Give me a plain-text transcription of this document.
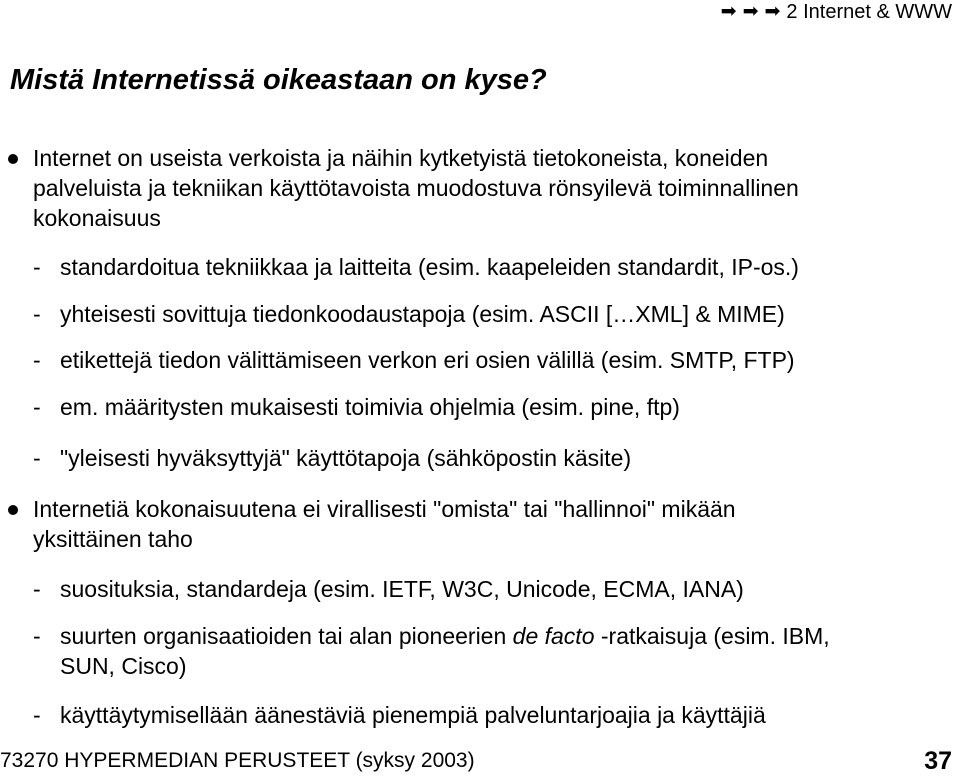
➡ ➡ ➡ 2 Internet & WWW
Mistä Internetissä oikeastaan on kyse?
Internet on useista verkoista ja näihin kytketyistä tietokoneista, koneiden
palveluista ja tekniikan käyttötavoista muodostuva rönsyilevä toiminnallinen
kokonaisuus
- standardoitua tekniikkaa ja laitteita (esim. kaapeleiden standardit, IP-os.)
- yhteisesti sovittuja tiedonkoodaustapoja (esim. ASCII […XML] & MIME)
- etikettejä tiedon välittämiseen verkon eri osien välillä (esim. SMTP, FTP)
- em. määritysten mukaisesti toimivia ohjelmia (esim. pine, ftp)
- "yleisesti hyväksyttyjä" käyttötapoja (sähköpostin käsite)
Internetiä kokonaisuutena ei virallisesti "omista" tai "hallinnoi" mikään
yksittäinen taho
- suosituksia, standardeja (esim. IETF, W3C, Unicode, ECMA, IANA)
- suurten organisaatioiden tai alan pioneerien de facto -ratkaisuja (esim. IBM,
SUN, Cisco)
- käyttäytymisellään äänestäviä pienempiä palveluntarjoajia ja käyttäjiä
73270 HYPERMEDIAN PERUSTEET (syksy 2003)	37
